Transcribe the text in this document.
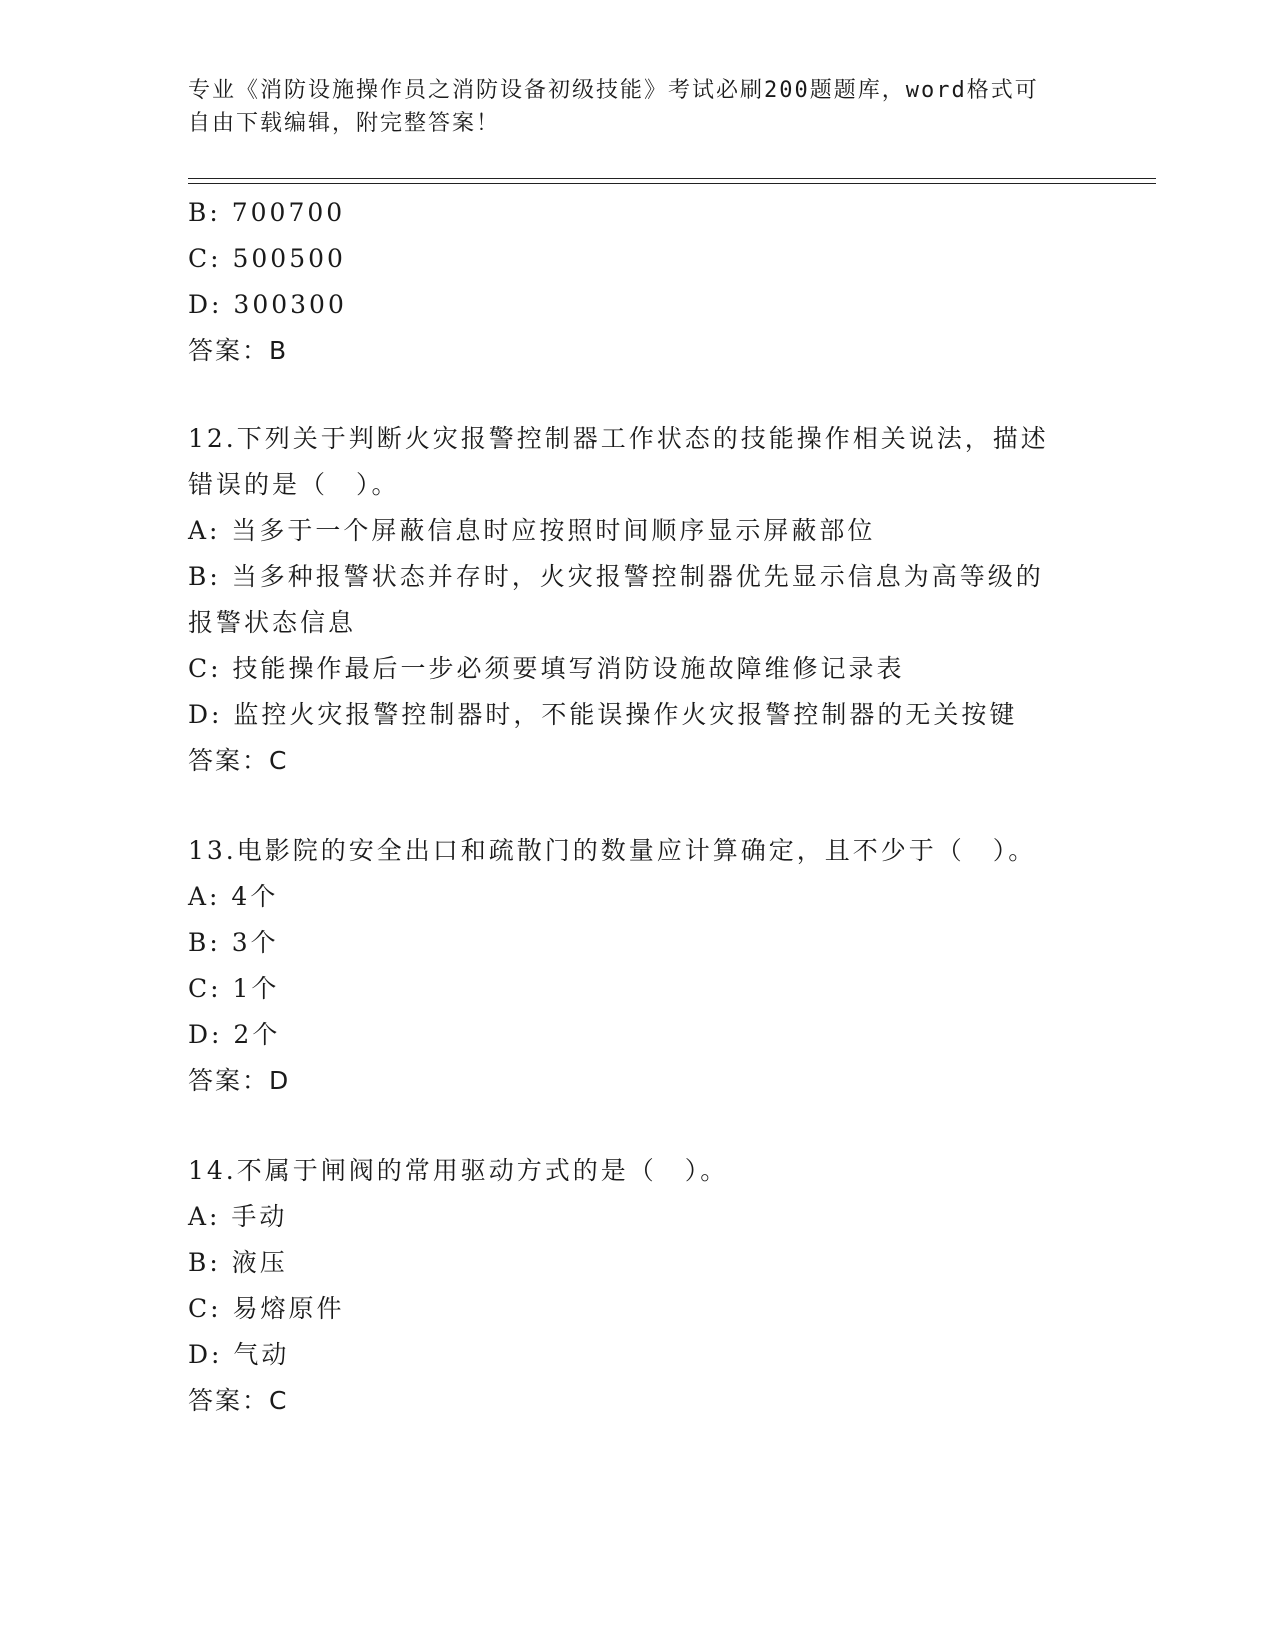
专业《消防设施操作员之消防设备初级技能》考试必刷200题题库，word格式可
自由下载编辑，附完整答案！
B: 700700
C: 500500
D: 300300
答案：B
12.下列关于判断火灾报警控制器工作状态的技能操作相关说法，描述
错误的是（　）。
A: 当多于一个屏蔽信息时应按照时间顺序显示屏蔽部位
B: 当多种报警状态并存时，火灾报警控制器优先显示信息为高等级的
报警状态信息
C: 技能操作最后一步必须要填写消防设施故障维修记录表
D: 监控火灾报警控制器时，不能误操作火灾报警控制器的无关按键
答案：C
13.电影院的安全出口和疏散门的数量应计算确定，且不少于（　）。
A: 4个
B: 3个
C: 1个
D: 2个
答案：D
14.不属于闸阀的常用驱动方式的是（　）。
A: 手动
B: 液压
C: 易熔原件
D: 气动
答案：C
